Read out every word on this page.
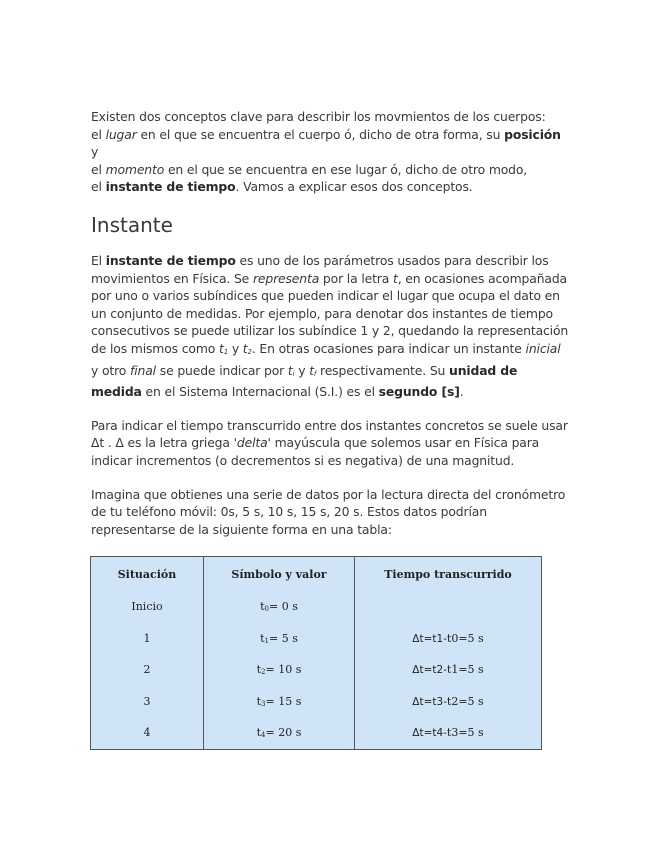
Existen dos conceptos clave para describir los movmientos de los cuerpos:
el lugar en el que se encuentra el cuerpo ó, dicho de otra forma, su posición y
el momento en el que se encuentra en ese lugar ó, dicho de otro modo,
el instante de tiempo. Vamos a explicar esos dos conceptos.

Instante

El instante de tiempo es uno de los parámetros usados para describir los movimientos en Física. Se representa por la letra t, en ocasiones acompañada por uno o varios subíndices que pueden indicar el lugar que ocupa el dato en un conjunto de medidas. Por ejemplo, para denotar dos instantes de tiempo consecutivos se puede utilizar los subíndice 1 y 2, quedando la representación de los mismos como t1 y t2. En otras ocasiones para indicar un instante inicial y otro final se puede indicar por ti y tf respectivamente. Su unidad de medida en el Sistema Internacional (S.I.) es el segundo [s].

Para indicar el tiempo transcurrido entre dos instantes concretos se suele usar Δt . Δ es la letra griega 'delta' mayúscula que solemos usar en Física para indicar incrementos (o decrementos si es negativa) de una magnitud.

Imagina que obtienes una serie de datos por la lectura directa del cronómetro de tu teléfono móvil: 0s, 5 s, 10 s, 15 s, 20 s. Estos datos podrían representarse de la siguiente forma en una tabla:

Situación	Símbolo y valor	Tiempo transcurrido
Inicio	t0= 0 s	
1	t1= 5 s	Δt=t1-t0=5 s
2	t2= 10 s	Δt=t2-t1=5 s
3	t3= 15 s	Δt=t3-t2=5 s
4	t4= 20 s	Δt=t4-t3=5 s
